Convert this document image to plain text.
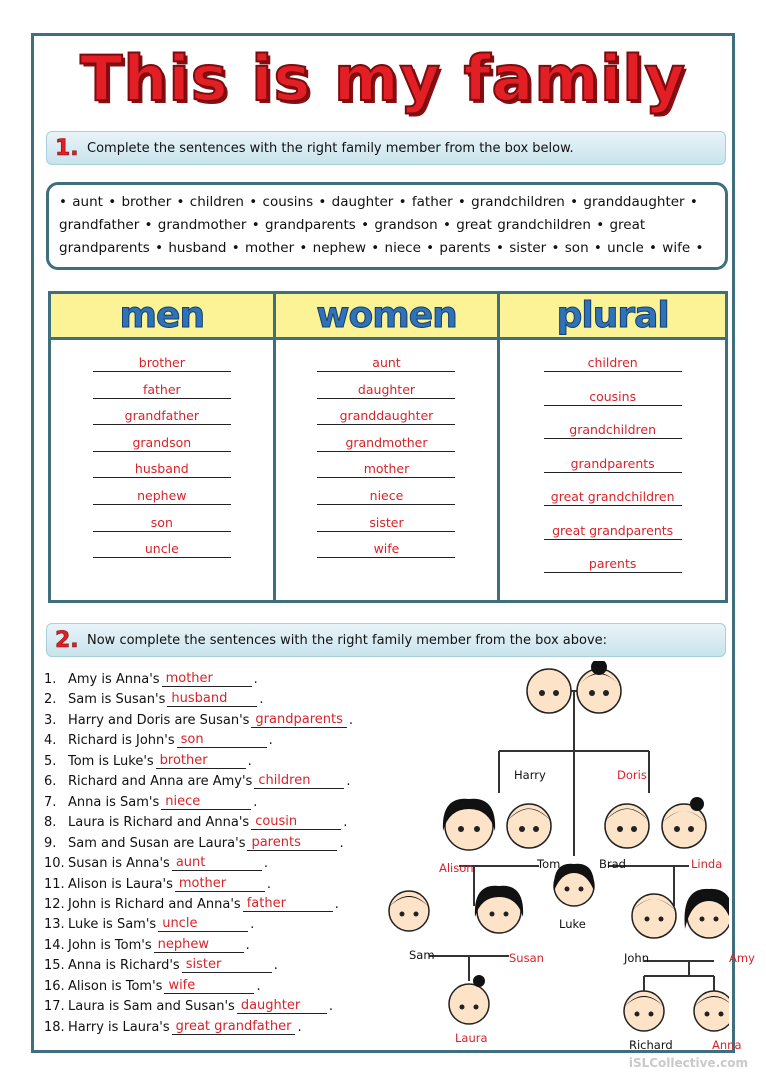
This is my family
1. Complete the sentences with the right family member from the box below.
• aunt • brother • children • cousins • daughter • father • grandchildren • granddaughter • grandfather • grandmother • grandparents • grandson • great grandchildren • great grandparents • husband • mother • nephew • niece • parents • sister • son • uncle • wife •
men
brother
father
grandfather
grandson
husband
nephew
son
uncle
women
aunt
daughter
granddaughter
grandmother
mother
niece
sister
wife
plural
children
cousins
grandchildren
grandparents
great grandchildren
great grandparents
parents
2. Now complete the sentences with the right family member from the box above:
1. Amy is Anna's mother	.
2. Sam is Susan's husband	.
3. Harry and Doris are Susan's grandparents .
4. Richard is John's son	.
5. Tom is Luke's brother	.
6. Richard and Anna are Amy's children	.
7. Anna is Sam's niece	.
8. Laura is Richard and Anna's cousin	.
9. Sam and Susan are Laura's parents	.
10. Susan is Anna's aunt	.
11. Alison is Laura's mother	.
12. John is Richard and Anna's father	.
13. Luke is Sam's uncle	.
14. John is Tom's nephew	.
15. Anna is Richard's sister	.
16. Alison is Tom's wife	.
17. Laura is Sam and Susan's daughter	.
18. Harry is Laura's great grandfather .
Harry	Doris
Alison	Tom	Brad	Linda
Luke
Sam	Susan	John	Amy
Laura	Richard	Anna
iSLCollective.com
